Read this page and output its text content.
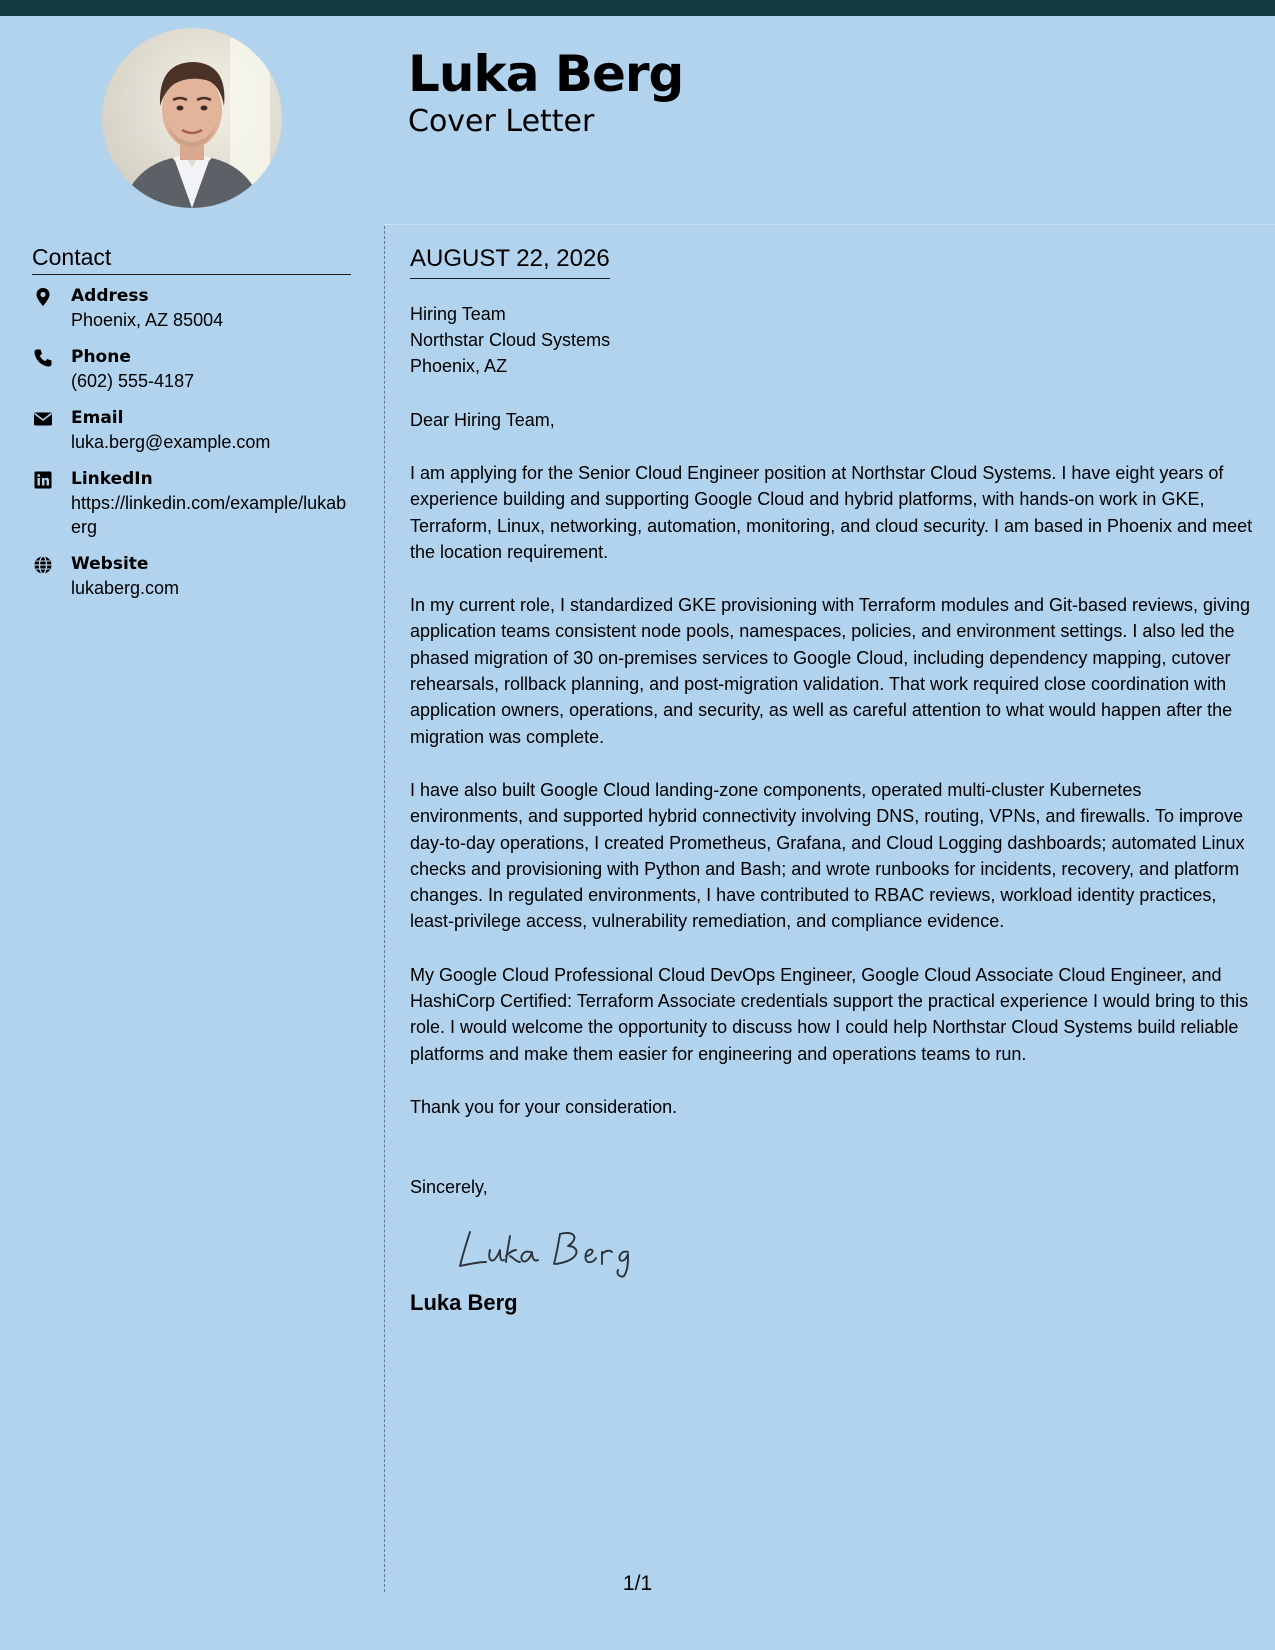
Luka Berg
Cover Letter
Contact
Address
Phoenix, AZ 85004
Phone
(602) 555-4187
Email
luka.berg@example.com
LinkedIn
https://linkedin.com/example/lukaberg
Website
lukaberg.com
AUGUST 22, 2026
Hiring Team
Northstar Cloud Systems
Phoenix, AZ

Dear Hiring Team,

I am applying for the Senior Cloud Engineer position at Northstar Cloud Systems. I have eight years of experience building and supporting Google Cloud and hybrid platforms, with hands-on work in GKE, Terraform, Linux, networking, automation, monitoring, and cloud security. I am based in Phoenix and meet the location requirement.

In my current role, I standardized GKE provisioning with Terraform modules and Git-based reviews, giving application teams consistent node pools, namespaces, policies, and environment settings. I also led the phased migration of 30 on-premises services to Google Cloud, including dependency mapping, cutover rehearsals, rollback planning, and post-migration validation. That work required close coordination with application owners, operations, and security, as well as careful attention to what would happen after the migration was complete.

I have also built Google Cloud landing-zone components, operated multi-cluster Kubernetes environments, and supported hybrid connectivity involving DNS, routing, VPNs, and firewalls. To improve day-to-day operations, I created Prometheus, Grafana, and Cloud Logging dashboards; automated Linux checks and provisioning with Python and Bash; and wrote runbooks for incidents, recovery, and platform changes. In regulated environments, I have contributed to RBAC reviews, workload identity practices, least-privilege access, vulnerability remediation, and compliance evidence.

My Google Cloud Professional Cloud DevOps Engineer, Google Cloud Associate Cloud Engineer, and HashiCorp Certified: Terraform Associate credentials support the practical experience I would bring to this role. I would welcome the opportunity to discuss how I could help Northstar Cloud Systems build reliable platforms and make them easier for engineering and operations teams to run.

Thank you for your consideration.

Sincerely,

Luka Berg
1/1
